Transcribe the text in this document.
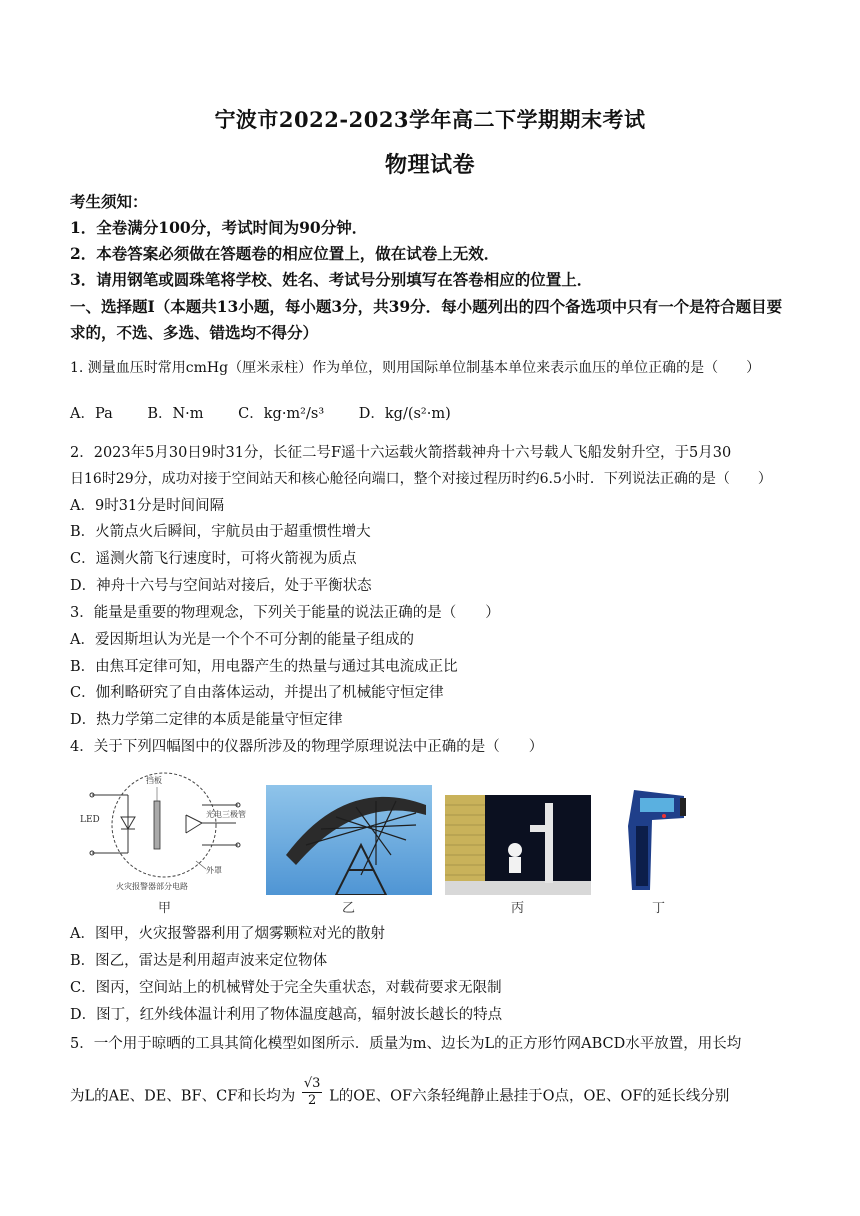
宁波市2022-2023学年高二下学期期末考试
物理试卷
考生须知：
1．全卷满分100分，考试时间为90分钟．
2．本卷答案必须做在答题卷的相应位置上，做在试卷上无效．
3．请用钢笔或圆珠笔将学校、姓名、考试号分别填写在答卷相应的位置上．
一、选择题Ⅰ（本题共13小题，每小题3分，共39分．每小题列出的四个备选项中只有一个是符合题目要求的，不选、多选、错选均不得分）
1. 测量血压时常用cmHg（厘米汞柱）作为单位，则用国际单位制基本单位来表示血压的单位正确的是（　　）
A．Pa B．N·m C．kg·m²/s³ D．kg/(s²·m)
2．2023年5月30日9时31分，长征二号F遥十六运载火箭搭载神舟十六号载人飞船发射升空，于5月30
日16时29分，成功对接于空间站天和核心舱径向端口，整个对接过程历时约6.5小时．下列说法正确的是（　　）
A．9时31分是时间间隔
B．火箭点火后瞬间，宇航员由于超重惯性增大
C．遥测火箭飞行速度时，可将火箭视为质点
D．神舟十六号与空间站对接后，处于平衡状态
3．能量是重要的物理观念，下列关于能量的说法正确的是（　　）
A．爱因斯坦认为光是一个个不可分割的能量子组成的
B．由焦耳定律可知，用电器产生的热量与通过其电流成正比
C．伽利略研究了自由落体运动，并提出了机械能守恒定律
D．热力学第二定律的本质是能量守恒定律
4．关于下列四幅图中的仪器所涉及的物理学原理说法中正确的是（　　）
LED
挡板
光电三极管
外罩
火灾报警器部分电路
甲	乙	丙	丁
A．图甲，火灾报警器利用了烟雾颗粒对光的散射
B．图乙，雷达是利用超声波来定位物体
C．图丙，空间站上的机械臂处于完全失重状态，对载荷要求无限制
D．图丁，红外线体温计利用了物体温度越高，辐射波长越长的特点
5．一个用于晾晒的工具其简化模型如图所示．质量为m、边长为L的正方形竹网ABCD水平放置，用长均
为L的AE、DE、BF、CF和长均为 $\frac{√3}{2}$ L的OE、OF六条轻绳静止悬挂于O点，OE、OF的延长线分别
